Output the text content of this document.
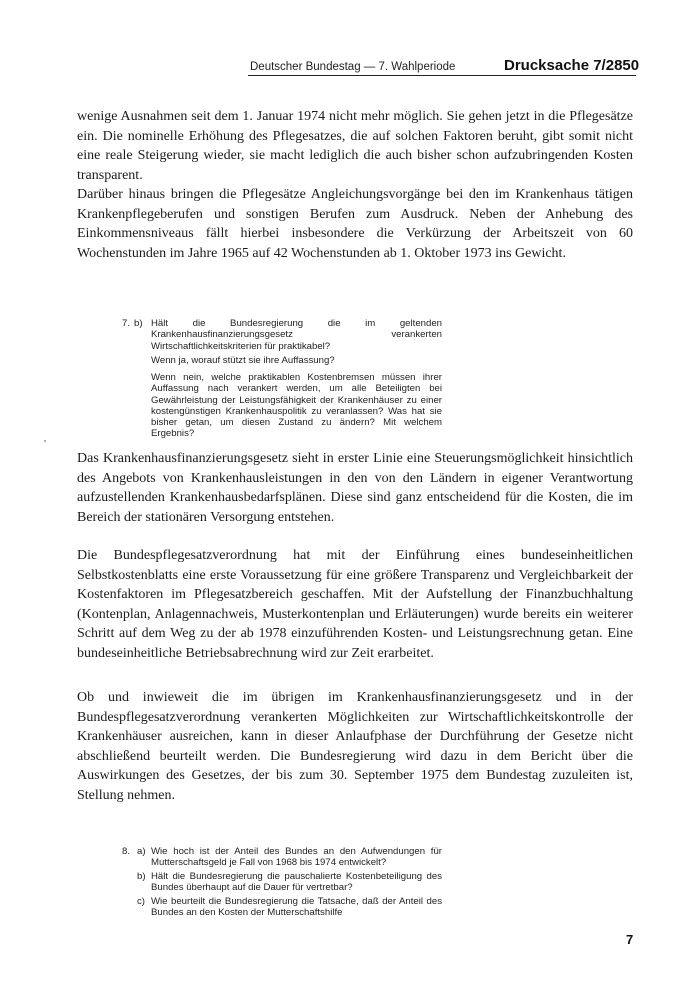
Deutscher Bundestag — 7. Wahlperiode	Drucksache 7/2850

wenige Ausnahmen seit dem 1. Januar 1974 nicht mehr möglich. Sie gehen jetzt in die Pflegesätze ein. Die nominelle Erhöhung des Pflegesatzes, die auf solchen Faktoren beruht, gibt somit nicht eine reale Steigerung wieder, sie macht lediglich die auch bisher schon aufzubringenden Kosten transparent.

Darüber hinaus bringen die Pflegesätze Angleichungsvorgänge bei den im Krankenhaus tätigen Krankenpflegeberufen und sonstigen Berufen zum Ausdruck. Neben der Anhebung des Einkommensniveaus fällt hierbei insbesondere die Verkürzung der Arbeitszeit von 60 Wochenstunden im Jahre 1965 auf 42 Wochenstunden ab 1. Oktober 1973 ins Gewicht.

7. b) Hält die Bundesregierung die im geltenden Krankenhausfinanzierungsgesetz verankerten Wirtschaftlichkeitskriterien für praktikabel?

Wenn ja, worauf stützt sie ihre Auffassung?

Wenn nein, welche praktikablen Kostenbremsen müssen ihrer Auffassung nach verankert werden, um alle Beteiligten bei Gewährleistung der Leistungsfähigkeit der Krankenhäuser zu einer kostengünstigen Krankenhauspolitik zu veranlassen? Was hat sie bisher getan, um diesen Zustand zu ändern? Mit welchem Ergebnis?

Das Krankenhausfinanzierungsgesetz sieht in erster Linie eine Steuerungsmöglichkeit hinsichtlich des Angebots von Krankenhausleistungen in den von den Ländern in eigener Verantwortung aufzustellenden Krankenhausbedarfsplänen. Diese sind ganz entscheidend für die Kosten, die im Bereich der stationären Versorgung entstehen.

Die Bundespflegesatzverordnung hat mit der Einführung eines bundeseinheitlichen Selbstkostenblatts eine erste Voraussetzung für eine größere Transparenz und Vergleichbarkeit der Kostenfaktoren im Pflegesatzbereich geschaffen. Mit der Aufstellung der Finanzbuchhaltung (Kontenplan, Anlagennachweis, Musterkontenplan und Erläuterungen) wurde bereits ein weiterer Schritt auf dem Weg zu der ab 1978 einzuführenden Kosten- und Leistungsrechnung getan. Eine bundeseinheitliche Betriebsabrechnung wird zur Zeit erarbeitet.

Ob und inwieweit die im übrigen im Krankenhausfinanzierungsgesetz und in der Bundespflegesatzverordnung verankerten Möglichkeiten zur Wirtschaftlichkeitskontrolle der Krankenhäuser ausreichen, kann in dieser Anlaufphase der Durchführung der Gesetze nicht abschließend beurteilt werden. Die Bundesregierung wird dazu in dem Bericht über die Auswirkungen des Gesetzes, der bis zum 30. September 1975 dem Bundestag zuzuleiten ist, Stellung nehmen.

8. a) Wie hoch ist der Anteil des Bundes an den Aufwendungen für Mutterschaftsgeld je Fall von 1968 bis 1974 entwickelt?

b) Hält die Bundesregierung die pauschalierte Kostenbeteiligung des Bundes überhaupt auf die Dauer für vertretbar?

c) Wie beurteilt die Bundesregierung die Tatsache, daß der Anteil des Bundes an den Kosten der Mutterschaftshilfe

7
